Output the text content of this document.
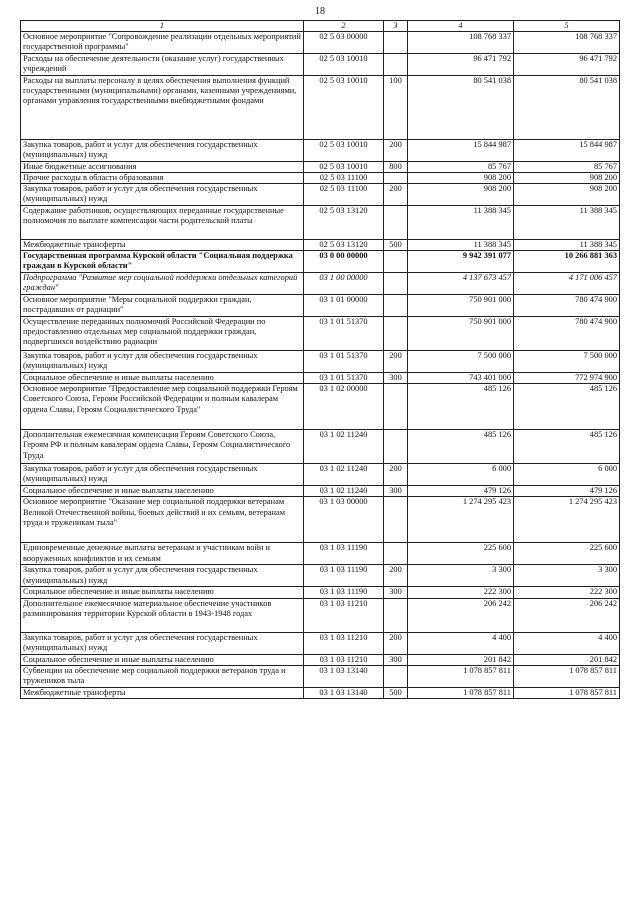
18
1	2	3	4	5
Основное мероприятие "Сопровождение реализации отдельных мероприятий государственной программы"	02 5 03 00000		108 768 337	108 768 337
Расходы на обеспечение деятельности (оказание услуг) государственных учреждений	02 5 03 10010		96 471 792	96 471 792
Расходы на выплаты персоналу в целях обеспечения выполнения функций государственными (муниципальными) органами, казенными учреждениями, органами управления государственными внебюджетными фондами	02 5 03 10010	100	80 541 038	80 541 038
Закупка товаров, работ и услуг для обеспечения государственных (муниципальных) нужд	02 5 03 10010	200	15 844 987	15 844 987
Иные бюджетные ассигнования	02 5 03 10010	800	85 767	85 767
Прочие расходы в области образования	02 5 03 11100		908 200	908 200
Закупка товаров, работ и услуг для обеспечения государственных (муниципальных) нужд	02 5 03 11100	200	908 200	908 200
Содержание работников, осуществляющих переданные государственные полномочия по выплате компенсации части родительской платы	02 5 03 13120		11 388 345	11 388 345
Межбюджетные трансферты	02 5 03 13120	500	11 388 345	11 388 345
Государственная программа Курской области "Социальная поддержка граждан в Курской области"	03 0 00 00000		9 942 391 077	10 266 881 363
Подпрограмма "Развитие мер социальной поддержки отдельных категорий граждан"	03 1 00 00000		4 137 673 457	4 171 006 457
Основное мероприятие "Меры социальной поддержки граждан, пострадавших от радиации"	03 1 01 00000		750 901 000	780 474 900
Осуществление переданных полномочий Российской Федерации по предоставлению отдельных мер социальной поддержки граждан, подвергшихся воздействию радиации	03 1 01 51370		750 901 000	780 474 900
Закупка товаров, работ и услуг для обеспечения государственных (муниципальных) нужд	03 1 01 51370	200	7 500 000	7 500 000
Социальное обеспечение и иные выплаты населению	03 1 01 51370	300	743 401 000	772 974 900
Основное мероприятие "Предоставление мер социальной поддержки Героям Советского Союза, Героям Российской Федерации и полным кавалерам ордена Славы, Героям Социалистического Труда"	03 1 02 00000		485 126	485 126
Дополнительная ежемесячная компенсация Героям Советского Союза, Героям РФ и полным кавалерам ордена Славы, Героям Социалистического Труда	03 1 02 11240		485 126	485 126
Закупка товаров, работ и услуг для обеспечения государственных (муниципальных) нужд	03 1 02 11240	200	6 000	6 000
Социальное обеспечение и иные выплаты населению	03 1 02 11240	300	479 126	479 126
Основное мероприятие "Оказание мер социальной поддержки ветеранам Великой Отечественной войны, боевых действий и их семьям, ветеранам труда и труженикам тыла"	03 1 03 00000		1 274 295 423	1 274 295 423
Единовременные денежные выплаты ветеранам и участникам войн и вооруженных конфликтов и их семьям	03 1 03 11190		225 600	225 600
Закупка товаров, работ и услуг для обеспечения государственных (муниципальных) нужд	03 1 03 11190	200	3 300	3 300
Социальное обеспечение и иные выплаты населению	03 1 03 11190	300	222 300	222 300
Дополнительное ежемесячное материальное обеспечение участников разминирования территории Курской области в 1943-1948 годах	03 1 03 11210		206 242	206 242
Закупка товаров, работ и услуг для обеспечения государственных (муниципальных) нужд	03 1 03 11210	200	4 400	4 400
Социальное обеспечение и иные выплаты населению	03 1 03 11210	300	201 842	201 842
Субвенции на обеспечение мер социальной поддержки ветеранов труда и тружеников тыла	03 1 03 13140		1 078 857 811	1 078 857 811
Межбюджетные трансферты	03 1 03 13140	500	1 078 857 811	1 078 857 811
